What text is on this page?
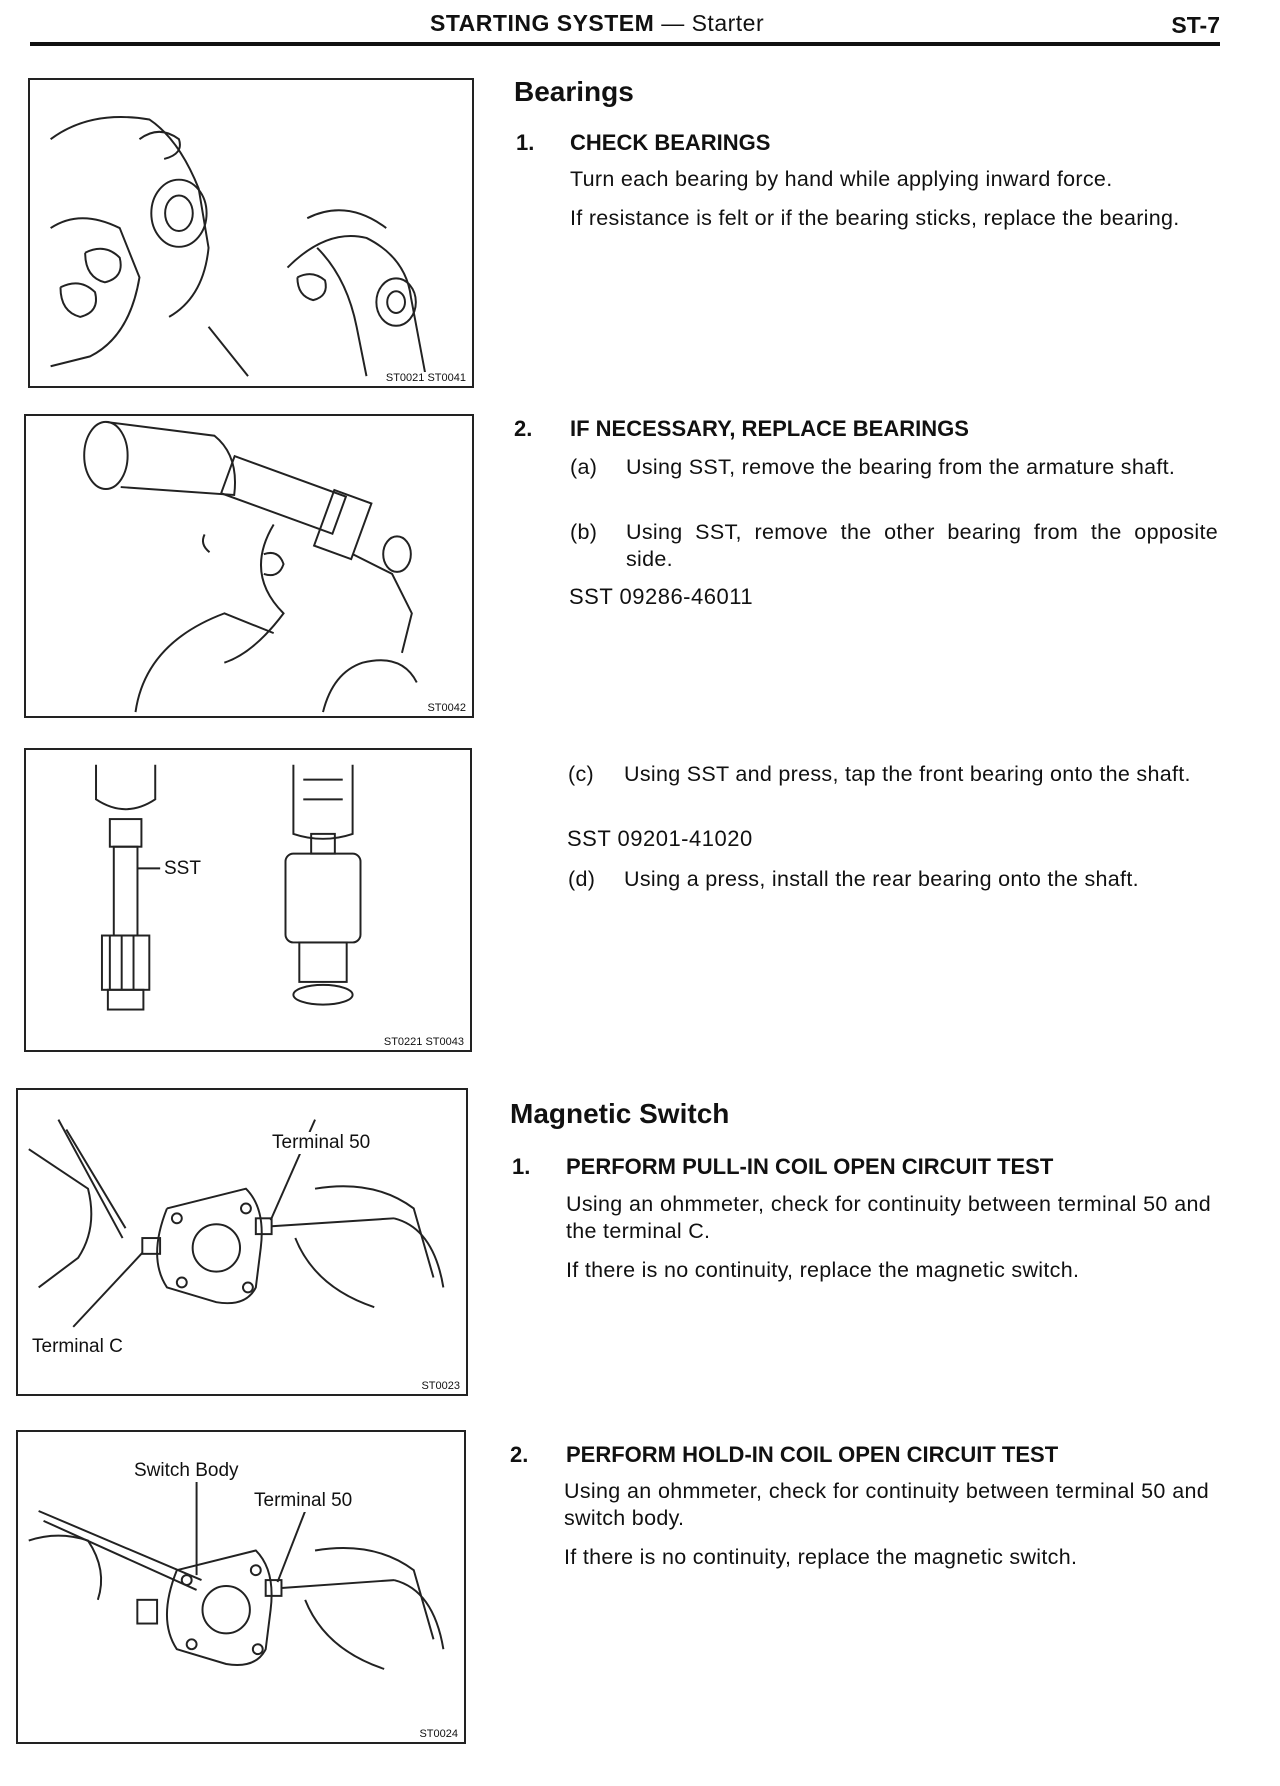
STARTING SYSTEM — Starter	ST-7
ST0021 ST0041
ST0042
SST
ST0221 ST0043
Terminal 50
Terminal C
ST0023
Switch Body
Terminal 50
ST0024
Bearings
1. CHECK BEARINGS
Turn each bearing by hand while applying inward force.
If resistance is felt or if the bearing sticks, replace the bearing.
2. IF NECESSARY, REPLACE BEARINGS
(a) Using SST, remove the bearing from the armature shaft.
(b) Using SST, remove the other bearing from the opposite side.
SST 09286-46011
(c) Using SST and press, tap the front bearing onto the shaft.
SST 09201-41020
(d) Using a press, install the rear bearing onto the shaft.
Magnetic Switch
1. PERFORM PULL-IN COIL OPEN CIRCUIT TEST
Using an ohmmeter, check for continuity between terminal 50 and the terminal C.
If there is no continuity, replace the magnetic switch.
2. PERFORM HOLD-IN COIL OPEN CIRCUIT TEST
Using an ohmmeter, check for continuity between terminal 50 and switch body.
If there is no continuity, replace the magnetic switch.
